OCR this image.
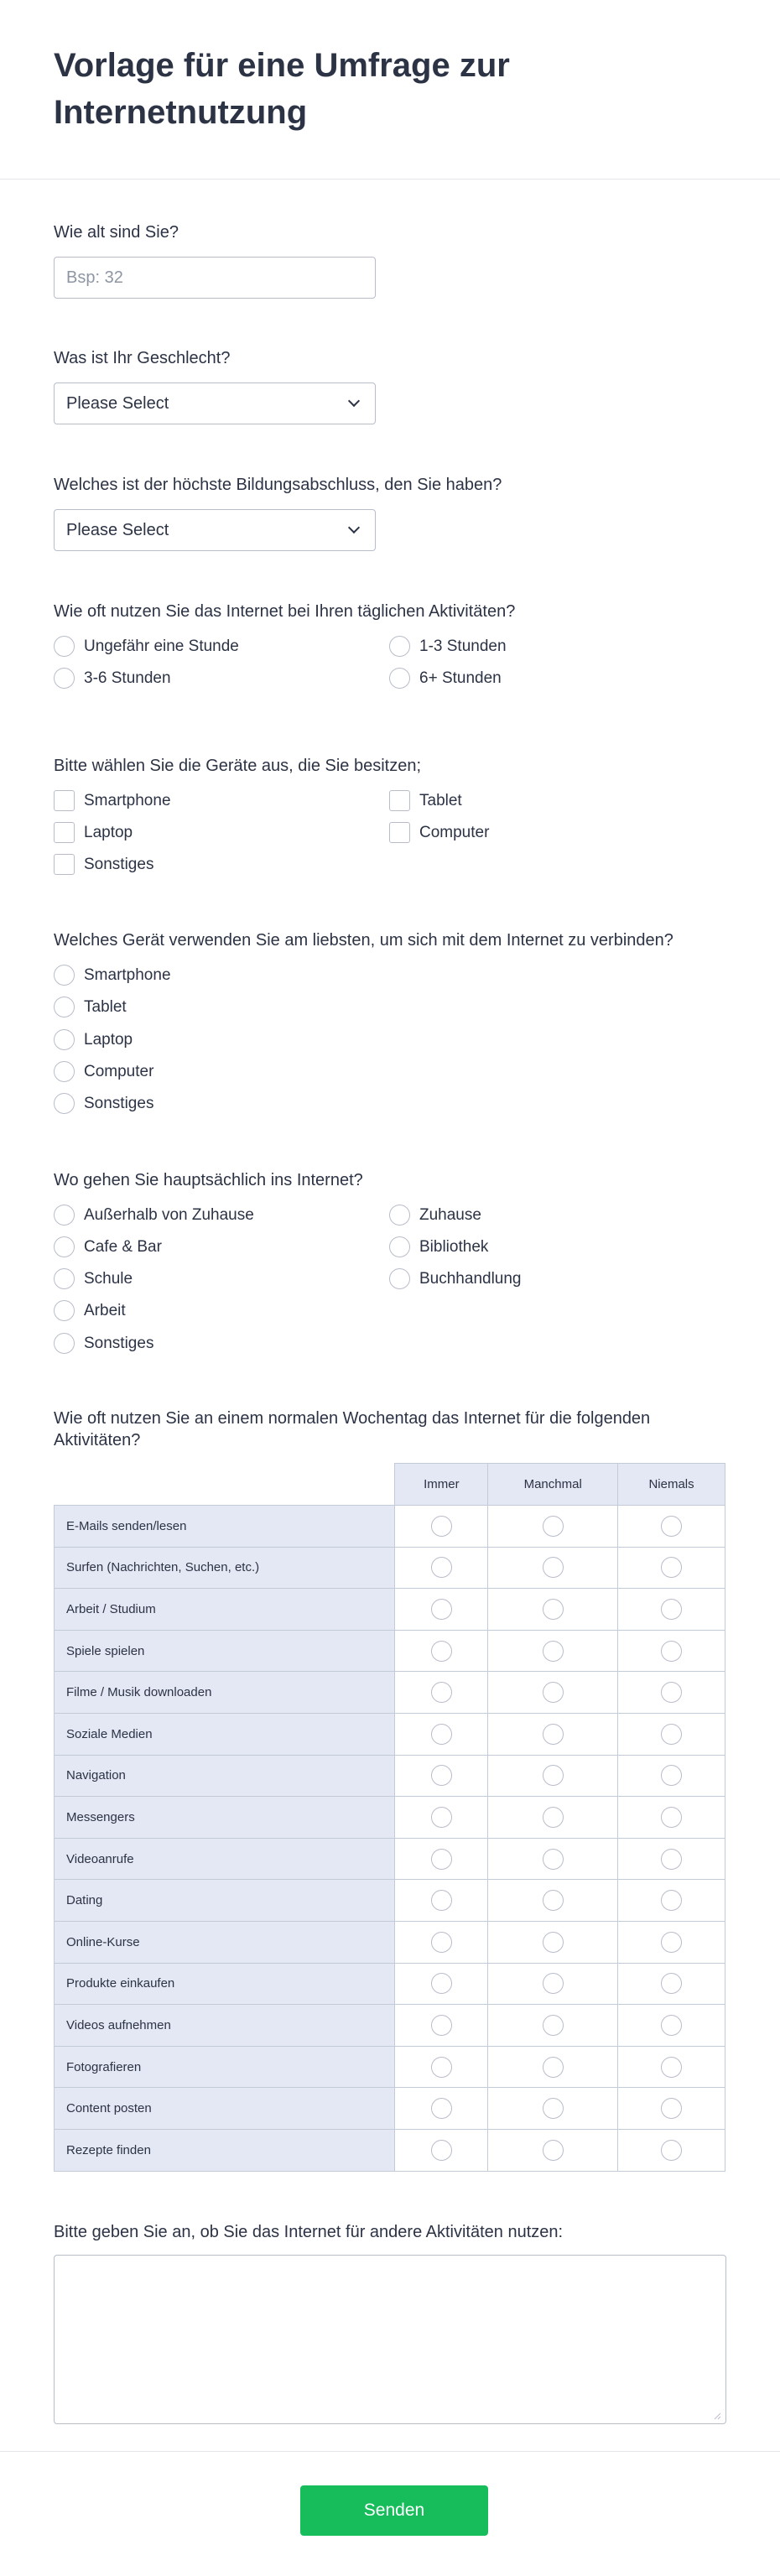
Vorlage für eine Umfrage zur Internetnutzung
Wie alt sind Sie?
Bsp: 32
Was ist Ihr Geschlecht?
Please Select
Welches ist der höchste Bildungsabschluss, den Sie haben?
Please Select
Wie oft nutzen Sie das Internet bei Ihren täglichen Aktivitäten?
Ungefähr eine Stunde	1-3 Stunden
3-6 Stunden	6+ Stunden
Bitte wählen Sie die Geräte aus, die Sie besitzen;
Smartphone	Tablet
Laptop	Computer
Sonstiges
Welches Gerät verwenden Sie am liebsten, um sich mit dem Internet zu verbinden?
Smartphone
Tablet
Laptop
Computer
Sonstiges
Wo gehen Sie hauptsächlich ins Internet?
Außerhalb von Zuhause	Zuhause
Cafe & Bar	Bibliothek
Schule	Buchhandlung
Arbeit
Sonstiges
Wie oft nutzen Sie an einem normalen Wochentag das Internet für die folgenden Aktivitäten?
	Immer	Manchmal	Niemals
E-Mails senden/lesen			
Surfen (Nachrichten, Suchen, etc.)			
Arbeit / Studium			
Spiele spielen			
Filme / Musik downloaden			
Soziale Medien			
Navigation			
Messengers			
Videoanrufe			
Dating			
Online-Kurse			
Produkte einkaufen			
Videos aufnehmen			
Fotografieren			
Content posten			
Rezepte finden			
Bitte geben Sie an, ob Sie das Internet für andere Aktivitäten nutzen:
Senden
